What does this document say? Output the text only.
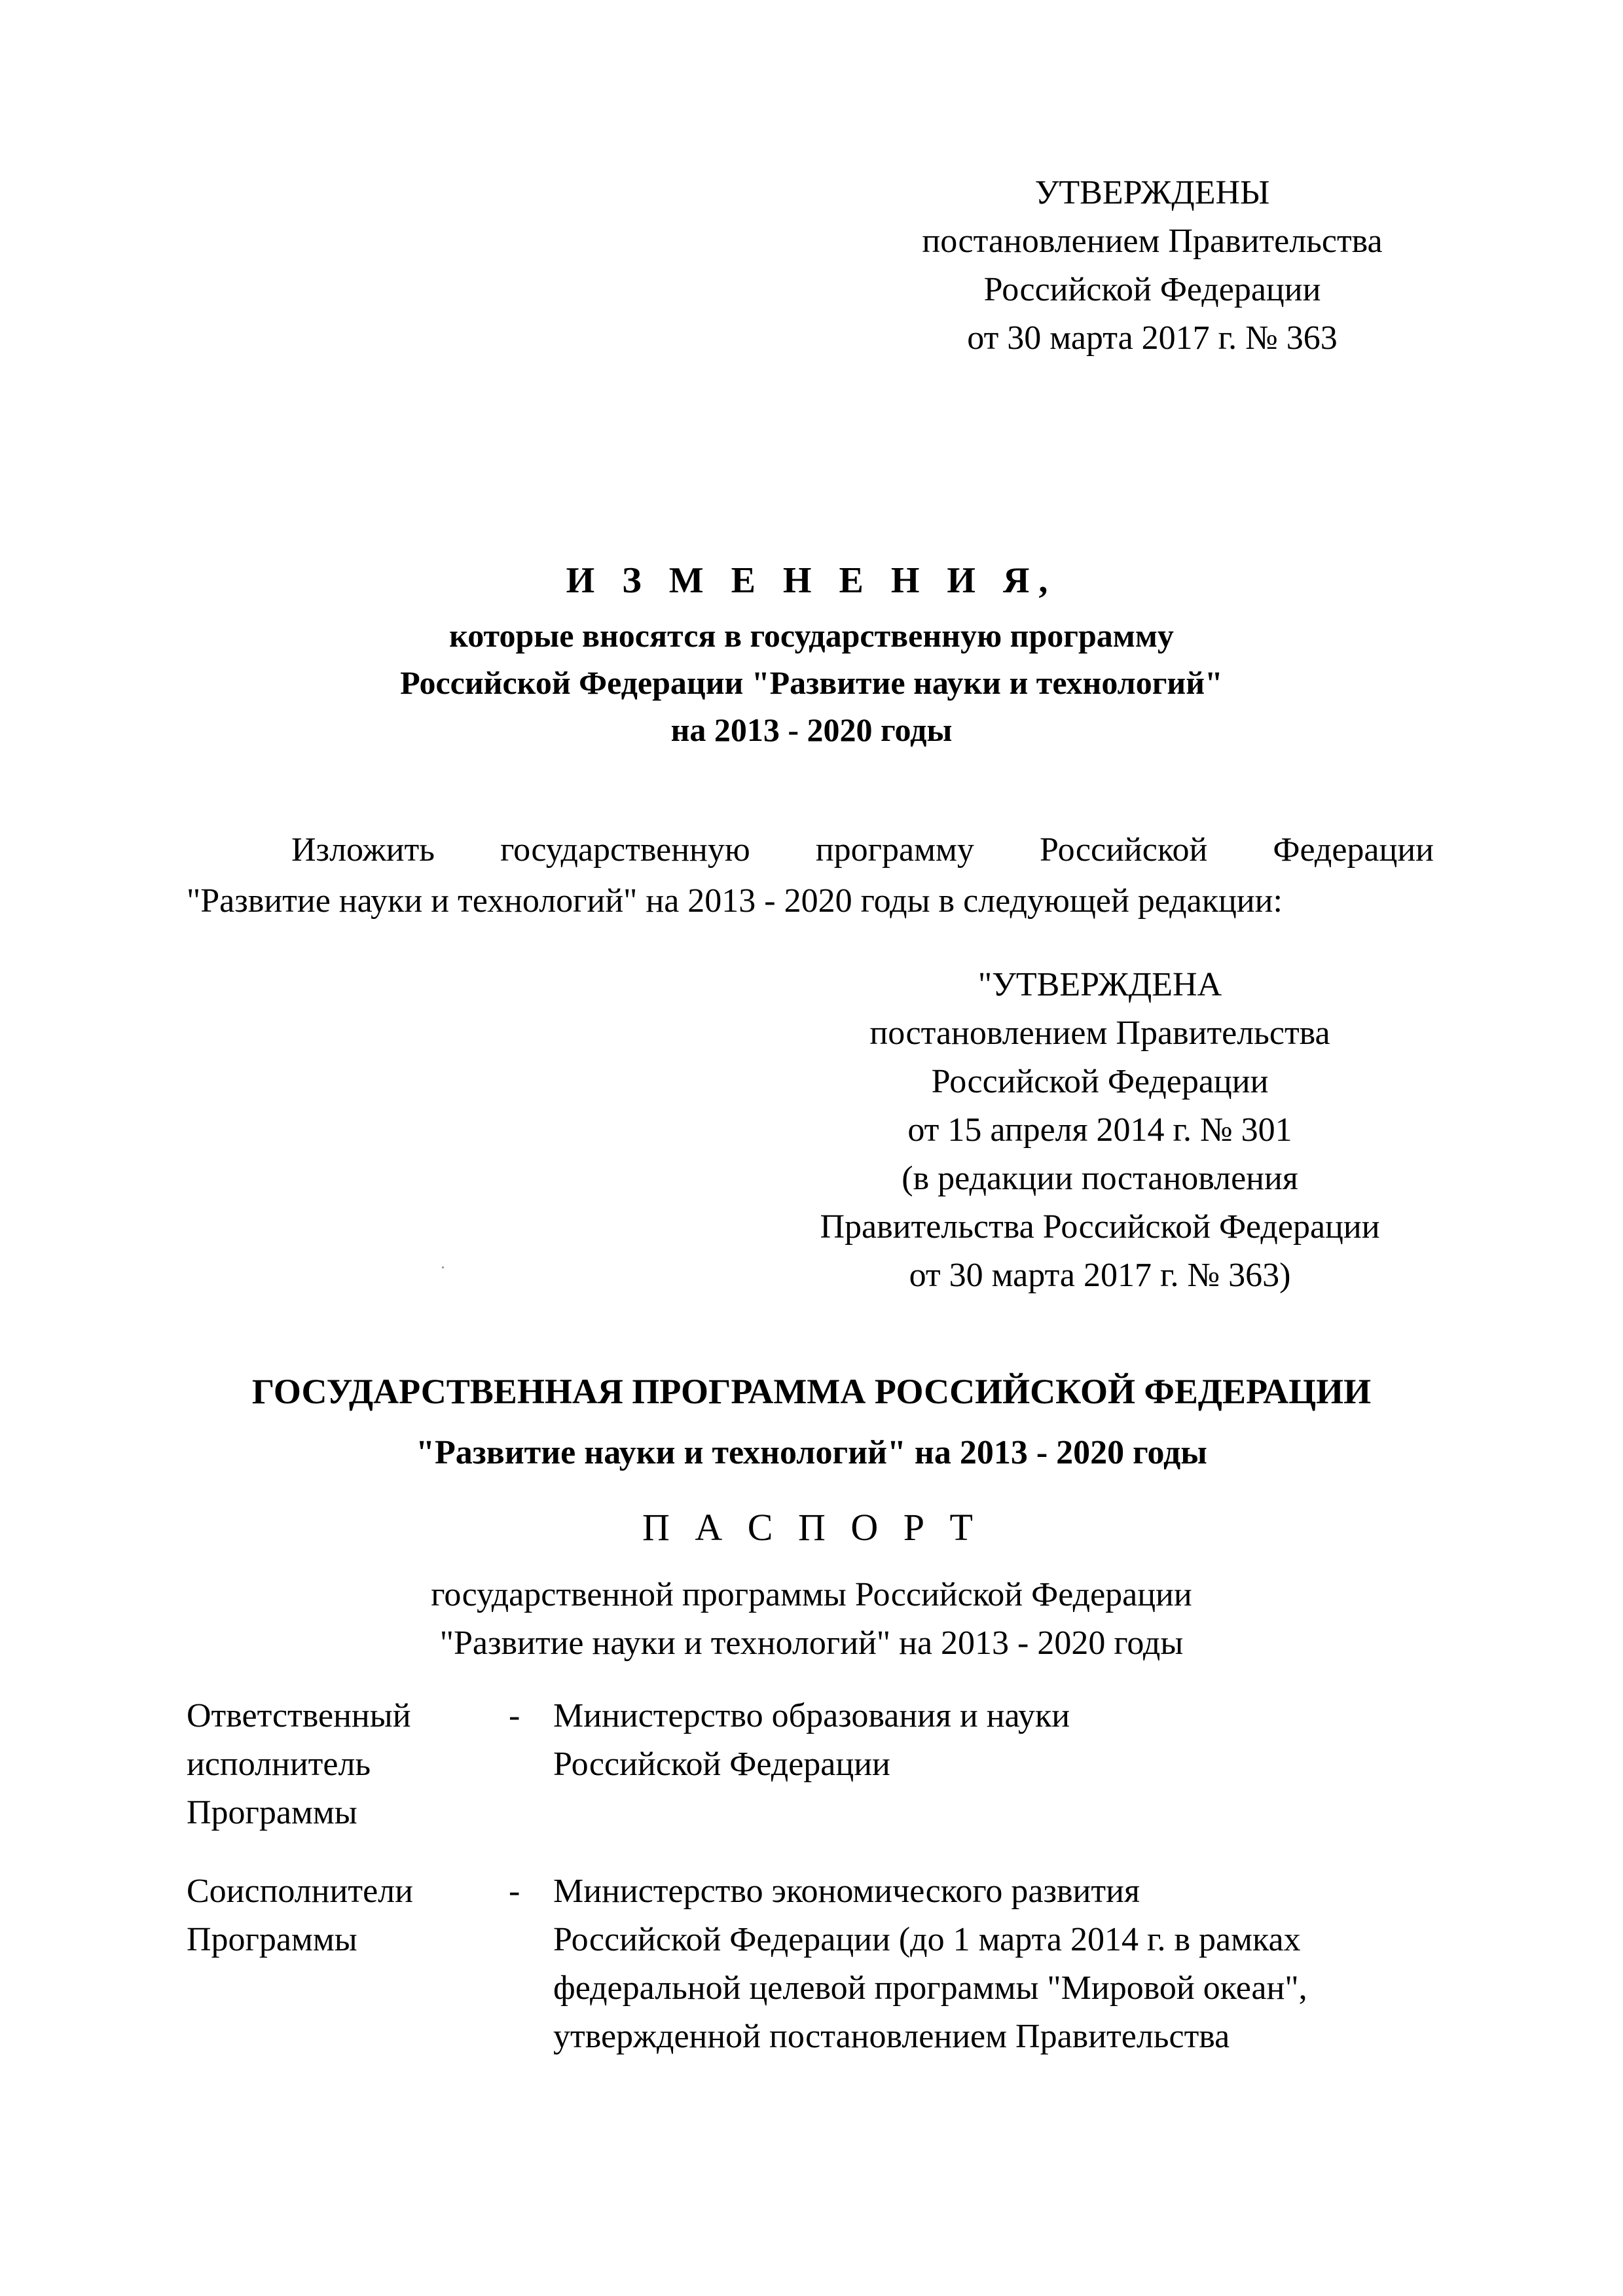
УТВЕРЖДЕНЫ
постановлением Правительства
Российской Федерации
от 30 марта 2017 г. № 363
И З М Е Н Е Н И Я,
которые вносятся в государственную программу
Российской Федерации "Развитие науки и технологий"
на 2013 - 2020 годы
Изложить государственную программу Российской Федерации
"Развитие науки и технологий" на 2013 - 2020 годы в следующей редакции:
"УТВЕРЖДЕНА
постановлением Правительства
Российской Федерации
от 15 апреля 2014 г. № 301
(в редакции постановления
Правительства Российской Федерации
от 30 марта 2017 г. № 363)
ГОСУДАРСТВЕННАЯ ПРОГРАММА РОССИЙСКОЙ ФЕДЕРАЦИИ
"Развитие науки и технологий" на 2013 - 2020 годы
П А С П О Р Т
государственной программы Российской Федерации
"Развитие науки и технологий" на 2013 - 2020 годы
Ответственный
исполнитель
Программы
- Министерство образования и науки
Российской Федерации
Соисполнители
Программы
- Министерство экономического развития
Российской Федерации (до 1 марта 2014 г. в рамках
федеральной целевой программы "Мировой океан",
утвержденной постановлением Правительства
